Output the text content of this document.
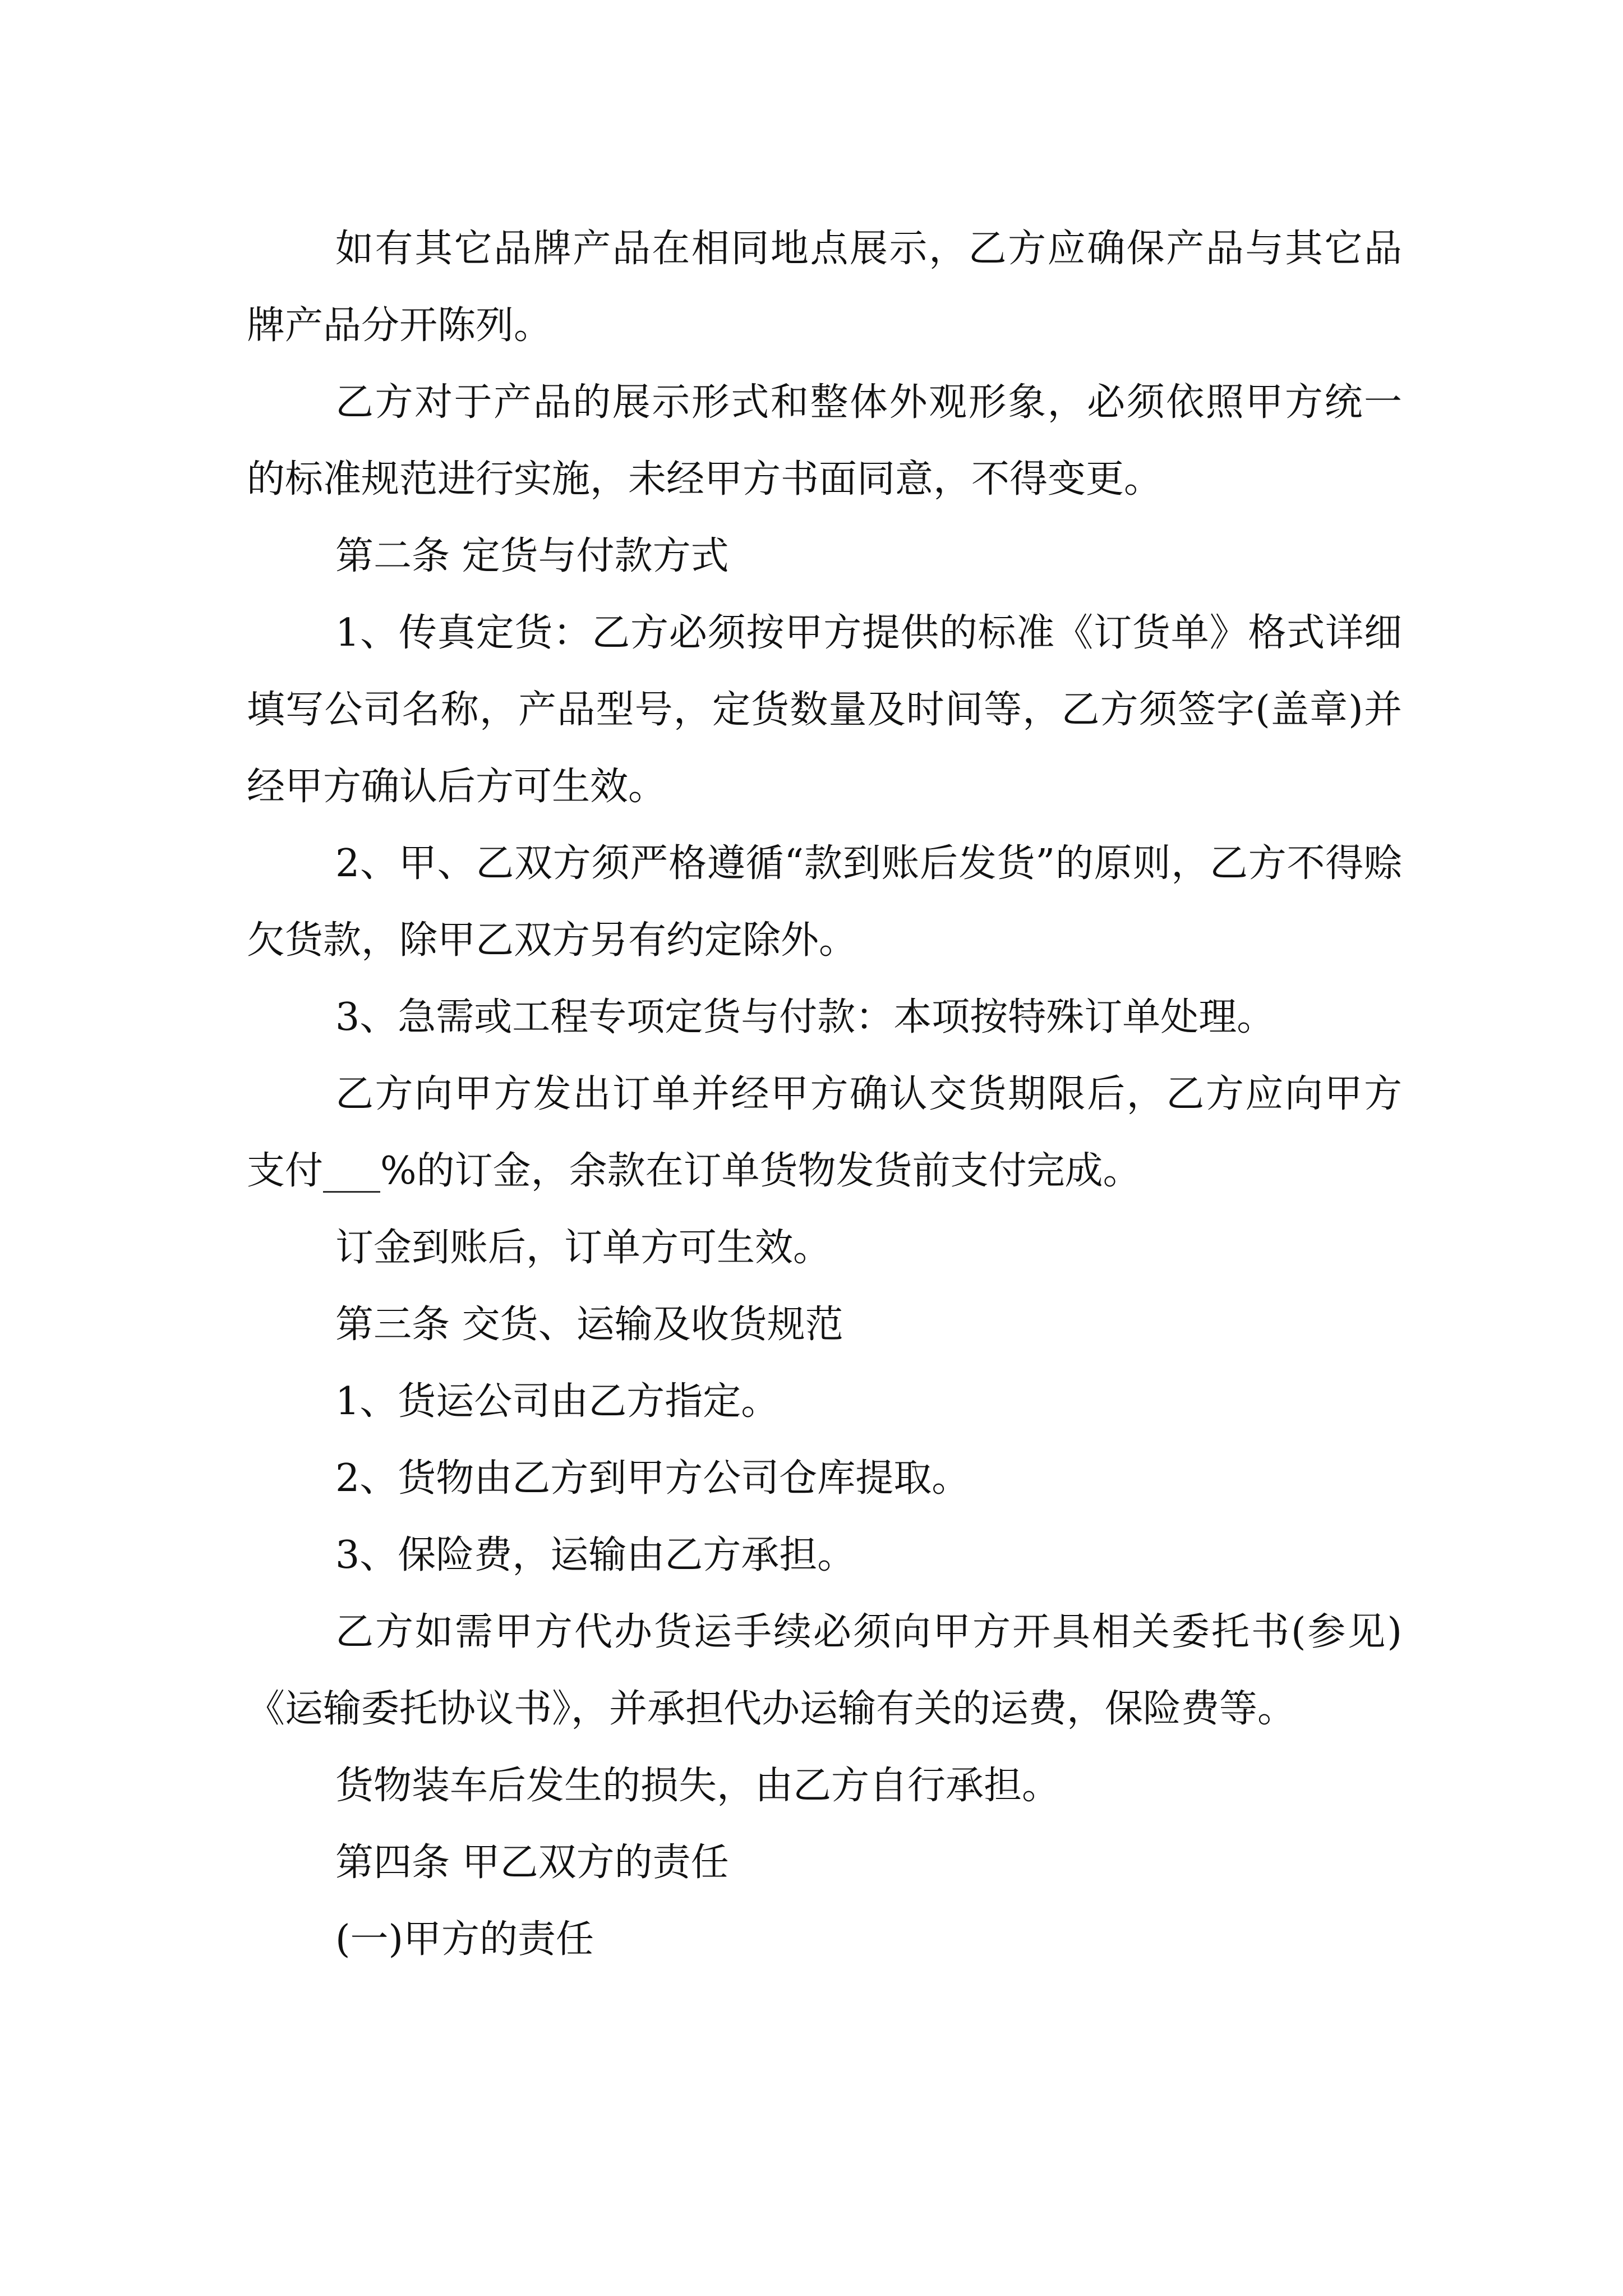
如有其它品牌产品在相同地点展示，乙方应确保产品与其它品牌产品分开陈列。

乙方对于产品的展示形式和整体外观形象，必须依照甲方统一的标准规范进行实施，未经甲方书面同意，不得变更。

第二条 定货与付款方式

1、传真定货：乙方必须按甲方提供的标准《订货单》格式详细填写公司名称，产品型号，定货数量及时间等，乙方须签字(盖章)并经甲方确认后方可生效。

2、甲、乙双方须严格遵循“款到账后发货”的原则，乙方不得赊欠货款，除甲乙双方另有约定除外。

3、急需或工程专项定货与付款：本项按特殊订单处理。

乙方向甲方发出订单并经甲方确认交货期限后，乙方应向甲方支付___%的订金，余款在订单货物发货前支付完成。

订金到账后，订单方可生效。

第三条 交货、运输及收货规范

1、货运公司由乙方指定。

2、货物由乙方到甲方公司仓库提取。

3、保险费，运输由乙方承担。

乙方如需甲方代办货运手续必须向甲方开具相关委托书(参见)《运输委托协议书》，并承担代办运输有关的运费，保险费等。

货物装车后发生的损失，由乙方自行承担。

第四条 甲乙双方的责任

(一)甲方的责任
